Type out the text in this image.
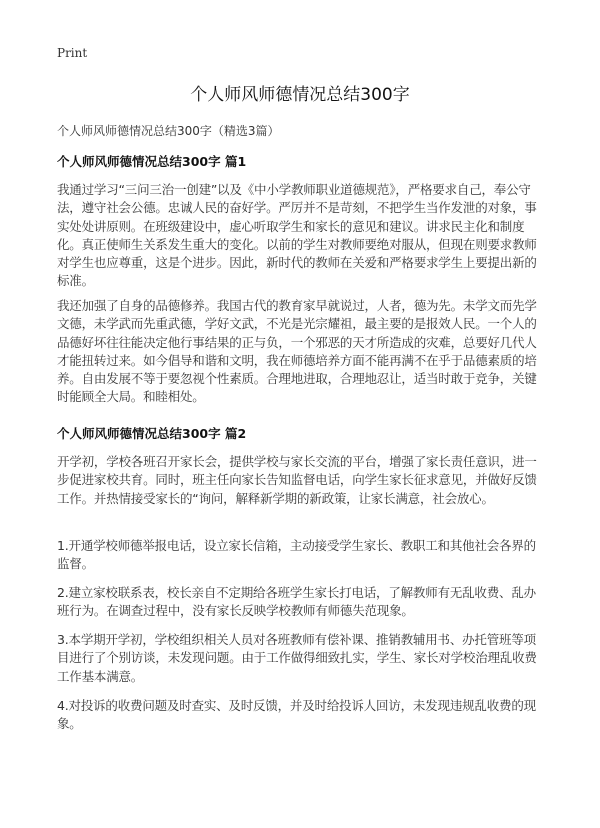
Print
个人师风师德情况总结300字

个人师风师德情况总结300字（精选3篇）

个人师风师德情况总结300字 篇1

我通过学习“三问三治一创建”以及《中小学教师职业道德规范》，严格要求自己，奉公守法，遵守社会公德。忠诚人民的奋好学。严厉并不是苛刻，不把学生当作发泄的对象，事实处处讲原则。在班级建设中，虚心听取学生和家长的意见和建议。讲求民主化和制度化。真正使师生关系发生重大的变化。以前的学生对教师要绝对服从，但现在则要求教师对学生也应尊重，这是个进步。因此，新时代的教师在关爱和严格要求学生上要提出新的标准。

我还加强了自身的品德修养。我国古代的教育家早就说过，人者，德为先。未学文而先学文德，未学武而先重武德，学好文武，不光是光宗耀祖，最主要的是报效人民。一个人的品德好坏往往能决定他行事结果的正与负，一个邪恶的天才所造成的灾难，总要好几代人才能扭转过来。如今倡导和谐和文明，我在师德培养方面不能再满不在乎于品德素质的培养。自由发展不等于要忽视个性素质。合理地进取，合理地忍让，适当时敢于竞争，关键时能顾全大局。和睦相处。

个人师风师德情况总结300字 篇2

开学初，学校各班召开家长会，提供学校与家长交流的平台，增强了家长责任意识，进一步促进家校共育。同时，班主任向家长告知监督电话，向学生家长征求意见，并做好反馈工作。并热情接受家长的“询问，解释新学期的新政策，让家长满意，社会放心。

1.开通学校师德举报电话，设立家长信箱，主动接受学生家长、教职工和其他社会各界的监督。

2.建立家校联系表，校长亲自不定期给各班学生家长打电话，了解教师有无乱收费、乱办班行为。在调查过程中，没有家长反映学校教师有师德失范现象。

3.本学期开学初，学校组织相关人员对各班教师有偿补课、推销教辅用书、办托管班等项目进行了个别访谈，未发现问题。由于工作做得细致扎实，学生、家长对学校治理乱收费工作基本满意。

4.对投诉的收费问题及时查实、及时反馈，并及时给投诉人回访，未发现违规乱收费的现象。
